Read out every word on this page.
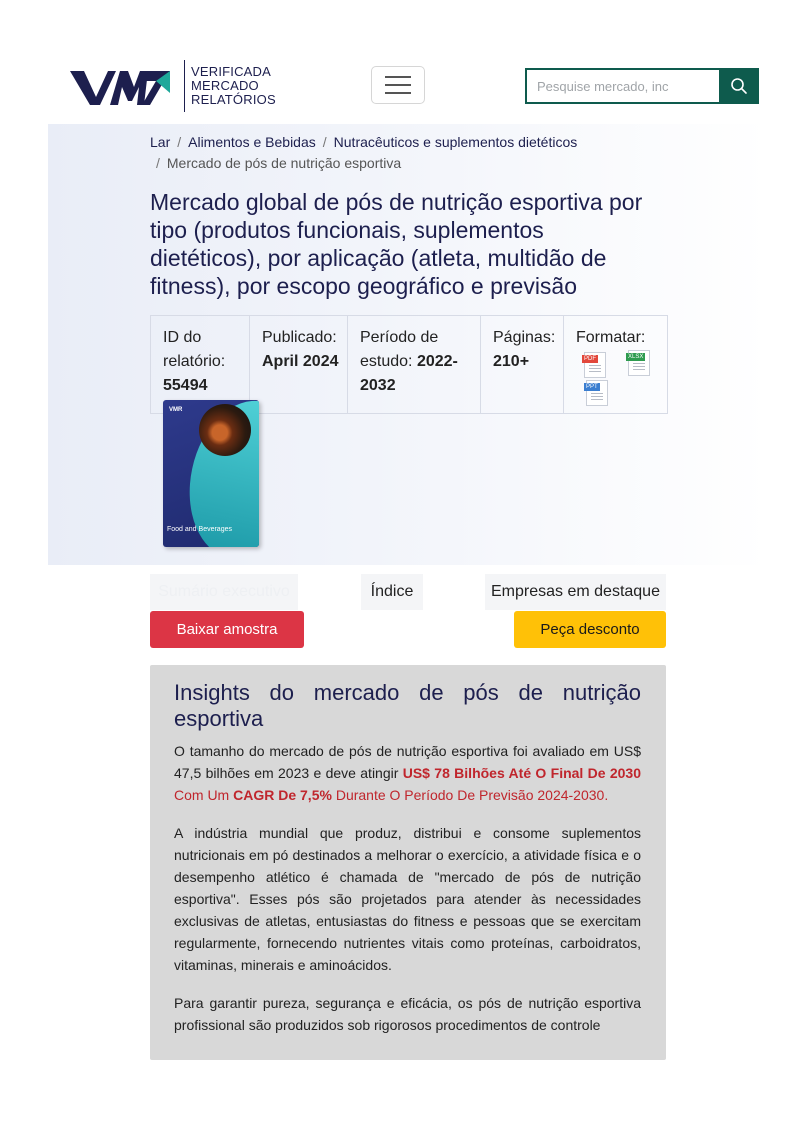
VERIFICADA
MERCADO
RELATÓRIOS
Pesquise mercado, inc
Lar / Alimentos e Bebidas / Nutracêuticos e suplementos dietéticos
/ Mercado de pós de nutrição esportiva
Mercado global de pós de nutrição esportiva por tipo (produtos funcionais, suplementos dietéticos), por aplicação (atleta, multidão de fitness), por escopo geográfico e previsão
ID do relatório:
55494
Publicado:
April 2024
Período de estudo: 2022-2032
Páginas:
210+
Formatar:
PDF	XLSX
PPT
VMR
Food and Beverages
Sumário executivo	Índice	Empresas em destaque
Baixar amostra	Peça desconto
Insights do mercado de pós de nutrição esportiva

O tamanho do mercado de pós de nutrição esportiva foi avaliado em US$ 47,5 bilhões em 2023 e deve atingir US$ 78 Bilhões Até O Final De 2030 Com Um CAGR De 7,5% Durante O Período De Previsão 2024-2030.

A indústria mundial que produz, distribui e consome suplementos nutricionais em pó destinados a melhorar o exercício, a atividade física e o desempenho atlético é chamada de "mercado de pós de nutrição esportiva". Esses pós são projetados para atender às necessidades exclusivas de atletas, entusiastas do fitness e pessoas que se exercitam regularmente, fornecendo nutrientes vitais como proteínas, carboidratos, vitaminas, minerais e aminoácidos.

Para garantir pureza, segurança e eficácia, os pós de nutrição esportiva profissional são produzidos sob rigorosos procedimentos de controle
